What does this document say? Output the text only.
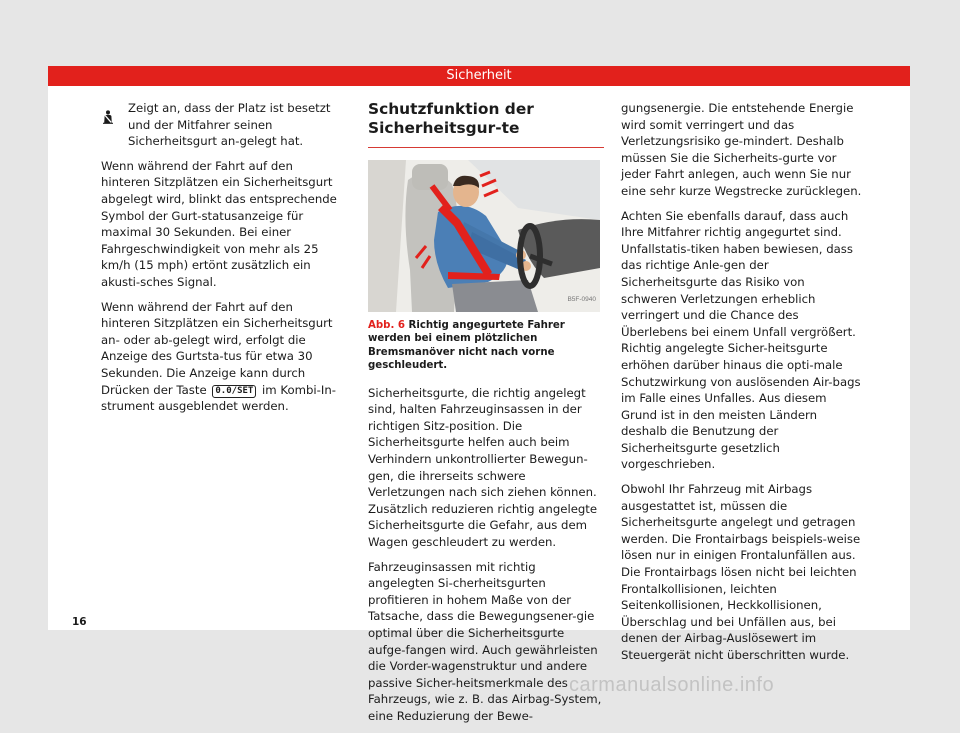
Sicherheit
Zeigt an, dass der Platz ist besetzt und der Mitfahrer seinen Sicherheitsgurt an-gelegt hat.

Wenn während der Fahrt auf den hinteren Sitzplätzen ein Sicherheitsgurt abgelegt wird, blinkt das entsprechende Symbol der Gurt-statusanzeige für maximal 30 Sekunden. Bei einer Fahrgeschwindigkeit von mehr als 25 km/h (15 mph) ertönt zusätzlich ein akusti-sches Signal.

Wenn während der Fahrt auf den hinteren Sitzplätzen ein Sicherheitsgurt an- oder ab-gelegt wird, erfolgt die Anzeige des Gurtsta-tus für etwa 30 Sekunden. Die Anzeige kann durch Drücken der Taste 0.0/SET im Kombi-In-strument ausgeblendet werden.

Schutzfunktion der Sicherheitsgur-te
B5F-0940
Abb. 6 Richtig angegurtete Fahrer werden bei einem plötzlichen Bremsmanöver nicht nach vorne geschleudert.

Sicherheitsgurte, die richtig angelegt sind, halten Fahrzeuginsassen in der richtigen Sitz-position. Die Sicherheitsgurte helfen auch beim Verhindern unkontrollierter Bewegun-gen, die ihrerseits schwere Verletzungen nach sich ziehen können. Zusätzlich reduzieren richtig angelegte Sicherheitsgurte die Gefahr, aus dem Wagen geschleudert zu werden.

Fahrzeuginsassen mit richtig angelegten Si-cherheitsgurten profitieren in hohem Maße von der Tatsache, dass die Bewegungsener-gie optimal über die Sicherheitsgurte aufge-fangen wird. Auch gewährleisten die Vorder-wagenstruktur und andere passive Sicher-heitsmerkmale des Fahrzeugs, wie z. B. das Airbag-System, eine Reduzierung der Bewe-

gungsenergie. Die entstehende Energie wird somit verringert und das Verletzungsrisiko ge-mindert. Deshalb müssen Sie die Sicherheits-gurte vor jeder Fahrt anlegen, auch wenn Sie nur eine sehr kurze Wegstrecke zurücklegen.

Achten Sie ebenfalls darauf, dass auch Ihre Mitfahrer richtig angegurtet sind. Unfallstatis-tiken haben bewiesen, dass das richtige Anle-gen der Sicherheitsgurte das Risiko von schweren Verletzungen erheblich verringert und die Chance des Überlebens bei einem Unfall vergrößert. Richtig angelegte Sicher-heitsgurte erhöhen darüber hinaus die opti-male Schutzwirkung von auslösenden Air-bags im Falle eines Unfalles. Aus diesem Grund ist in den meisten Ländern deshalb die Benutzung der Sicherheitsgurte gesetzlich vorgeschrieben.

Obwohl Ihr Fahrzeug mit Airbags ausgestattet ist, müssen die Sicherheitsgurte angelegt und getragen werden. Die Frontairbags beispiels-weise lösen nur in einigen Frontalunfällen aus. Die Frontairbags lösen nicht bei leichten Frontalkollisionen, leichten Seitenkollisionen, Heckkollisionen, Überschlag und bei Unfällen aus, bei denen der Airbag-Auslösewert im Steuergerät nicht überschritten wurde.

16
carmanualsonline.info
